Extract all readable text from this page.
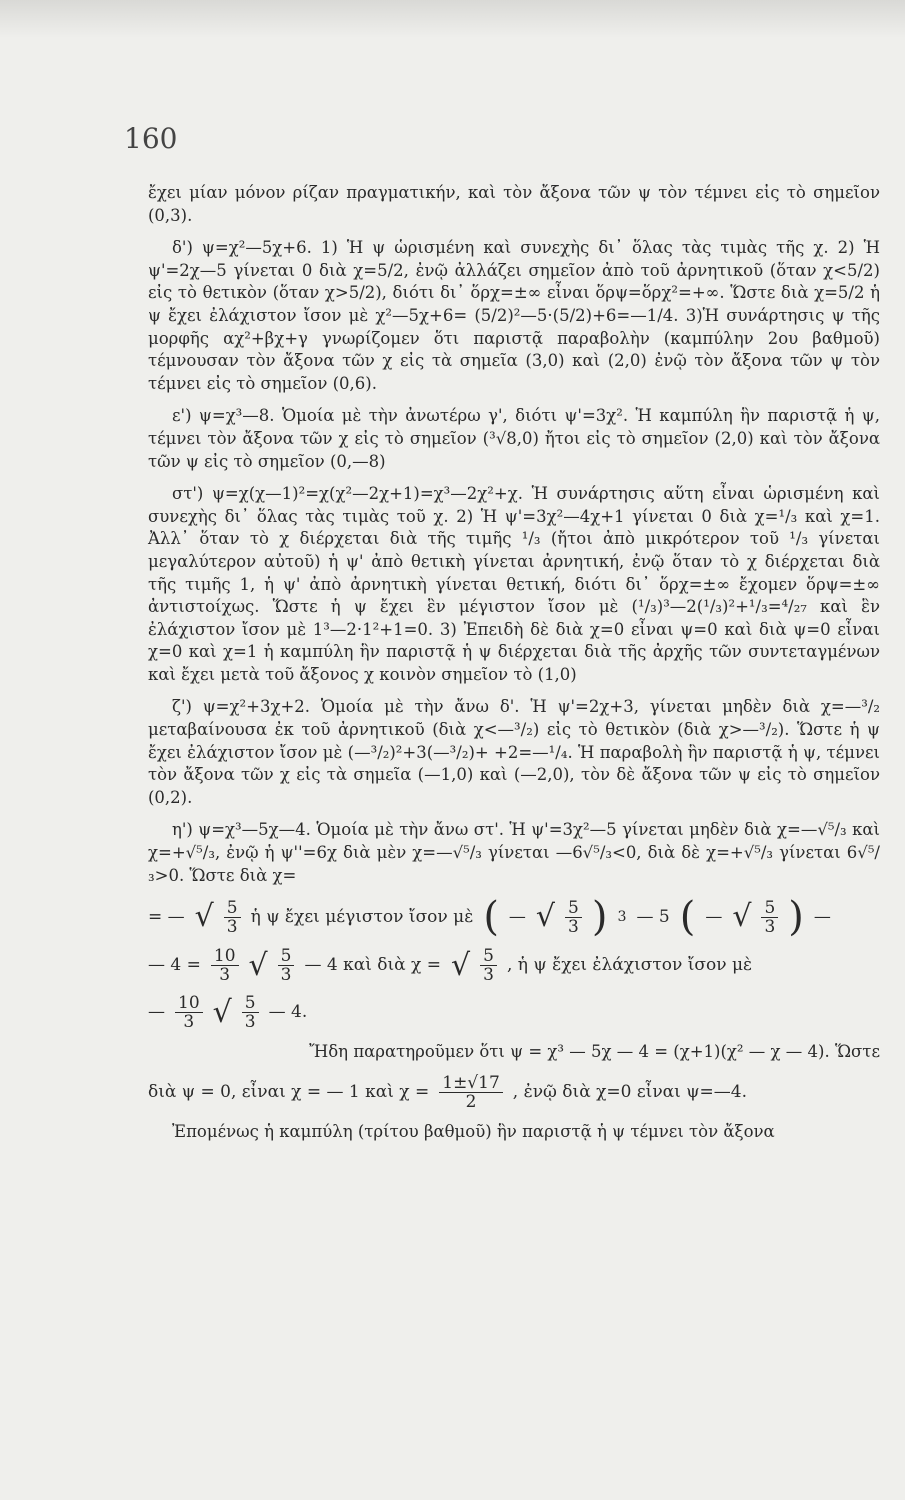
160

ἔχει μίαν μόνον ρίζαν πραγματικήν, καὶ τὸν ἄξονα τῶν ψ τὸν τέμνει εἰς τὸ σημεῖον (0,3).

δ') ψ=χ²—5χ+6. 1) Ἡ ψ ὡρισμένη καὶ συνεχὴς δι᾽ ὅλας τὰς τιμὰς τῆς χ. 2) Ἡ ψ'=2χ—5 γίνεται 0 διὰ χ=5/2, ἐνῷ ἀλλάζει σημεῖον ἀπὸ τοῦ ἀρνητικοῦ (ὅταν χ<5/2) εἰς τὸ θετικὸν (ὅταν χ>5/2), διότι δι᾽ ὅρχ=±∞ εἶναι ὅρψ=ὅρχ²=+∞. Ὥστε διὰ χ=5/2 ἡ ψ ἔχει ἐλάχιστον ἴσον μὲ χ²—5χ+6= (5/2)²—5·(5/2)+6=—1/4. 3)Ἡ συνάρτησις ψ τῆς μορφῆς αχ²+βχ+γ γνωρίζομεν ὅτι παριστᾷ παραβολὴν (καμπύλην 2ου βαθμοῦ) τέμνουσαν τὸν ἄξονα τῶν χ εἰς τὰ σημεῖα (3,0) καὶ (2,0) ἐνῷ τὸν ἄξονα τῶν ψ τὸν τέμνει εἰς τὸ σημεῖον (0,6).

ε') ψ=χ³—8. Ὁμοία μὲ τὴν ἀνωτέρω γ', διότι ψ'=3χ². Ἡ καμπύλη ἣν παριστᾷ ἡ ψ, τέμνει τὸν ἄξονα τῶν χ εἰς τὸ σημεῖον (³√8,0) ἤτοι εἰς τὸ σημεῖον (2,0) καὶ τὸν ἄξονα τῶν ψ εἰς τὸ σημεῖον (0,—8)

στ') ψ=χ(χ—1)²=χ(χ²—2χ+1)=χ³—2χ²+χ. Ἡ συνάρτησις αὕτη εἶναι ὡρισμένη καὶ συνεχὴς δι᾽ ὅλας τὰς τιμὰς τοῦ χ. 2) Ἡ ψ'=3χ²—4χ+1 γίνεται 0 διὰ χ=¹/₃ καὶ χ=1. Ἀλλ᾽ ὅταν τὸ χ διέρχεται διὰ τῆς τιμῆς ¹/₃ (ἤτοι ἀπὸ μικρότερον τοῦ ¹/₃ γίνεται μεγαλύτερον αὐτοῦ) ἡ ψ' ἀπὸ θετικὴ γίνεται ἀρνητική, ἐνῷ ὅταν τὸ χ διέρχεται διὰ τῆς τιμῆς 1, ἡ ψ' ἀπὸ ἀρνητικὴ γίνεται θετική, διότι δι᾽ ὅρχ=±∞ ἔχομεν ὅρψ=±∞ ἀντιστοίχως. Ὥστε ἡ ψ ἔχει ἓν μέγιστον ἴσον μὲ (¹/₃)³—2(¹/₃)²+¹/₃=⁴/₂₇ καὶ ἓν ἐλάχιστον ἴσον μὲ 1³—2·1²+1=0. 3) Ἐπειδὴ δὲ διὰ χ=0 εἶναι ψ=0 καὶ διὰ ψ=0 εἶναι χ=0 καὶ χ=1 ἡ καμπύλη ἣν παριστᾷ ἡ ψ διέρχεται διὰ τῆς ἀρχῆς τῶν συντεταγμένων καὶ ἔχει μετὰ τοῦ ἄξονος χ κοινὸν σημεῖον τὸ (1,0)

ζ') ψ=χ²+3χ+2. Ὁμοία μὲ τὴν ἄνω δ'. Ἡ ψ'=2χ+3, γίνεται μηδὲν διὰ χ=—³/₂ μεταβαίνουσα ἐκ τοῦ ἀρνητικοῦ (διὰ χ<—³/₂) εἰς τὸ θετικὸν (διὰ χ>—³/₂). Ὥστε ἡ ψ ἔχει ἐλάχιστον ἴσον μὲ (—³/₂)²+3(—³/₂)+ +2=—¹/₄. Ἡ παραβολὴ ἣν παριστᾷ ἡ ψ, τέμνει τὸν ἄξονα τῶν χ εἰς τὰ σημεῖα (—1,0) καὶ (—2,0), τὸν δὲ ἄξονα τῶν ψ εἰς τὸ σημεῖον (0,2).

η') ψ=χ³—5χ—4. Ὁμοία μὲ τὴν ἄνω στ'. Ἡ ψ'=3χ²—5 γίνεται μηδὲν διὰ χ=—√⁵/₃ καὶ χ=+√⁵/₃, ἐνῷ ἡ ψ''=6χ διὰ μὲν χ=—√⁵/₃ γίνεται —6√⁵/₃<0, διὰ δὲ χ=+√⁵/₃ γίνεται 6√⁵/₃>0. Ὥστε διὰ χ=

= — √ $\frac{5}{3}$ ἡ ψ ἔχει μέγιστον ἴσον μὲ ( — √ $\frac{5}{3}$ ) 3 — 5 ( — √ $\frac{5}{3}$ ) —
— $4 = \frac{10}{3}$ √ $\frac{5}{3}$ — 4 καὶ διὰ χ = √ $\frac{5}{3}$ , ἡ ψ ἔχει ἐλάχιστον ἴσον μὲ
— $\frac{10}{3}$ √ $\frac{5}{3}$ — 4.

Ἤδη παρατηροῦμεν ὅτι ψ = χ³ — 5χ — 4 = (χ+1)(χ² — χ — 4). Ὥστε

διὰ ψ = 0, εἶναι χ = — 1 καὶ $\chi = \frac{1\pm√17}{2}$ , ἐνῷ διὰ χ=0 εἶναι ψ=—4.

Ἐπομένως ἡ καμπύλη (τρίτου βαθμοῦ) ἣν παριστᾷ ἡ ψ τέμνει τὸν ἄξονα
